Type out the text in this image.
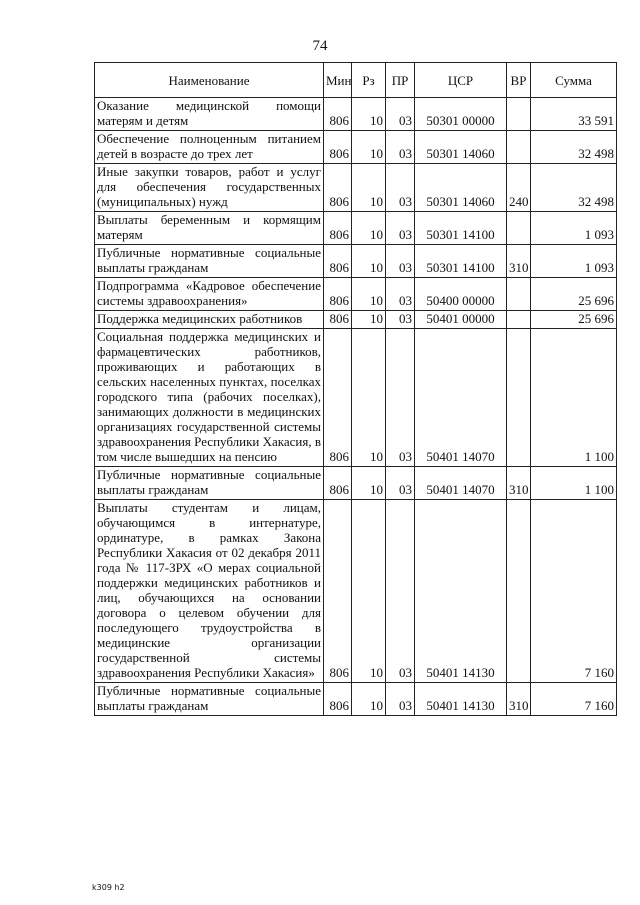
74
Наименование	Мин	Рз	ПР	ЦСР	ВР	Сумма
Оказание медицинской помощи матерям и детям	806	10	03	50301 00000		33 591
Обеспечение полноценным питанием детей в возрасте до трех лет	806	10	03	50301 14060		32 498
Иные закупки товаров, работ и услуг для обеспечения государственных (муниципальных) нужд	806	10	03	50301 14060	240	32 498
Выплаты беременным и кормящим матерям	806	10	03	50301 14100		1 093
Публичные нормативные социальные выплаты гражданам	806	10	03	50301 14100	310	1 093
Подпрограмма «Кадровое обеспечение системы здравоохранения»	806	10	03	50400 00000		25 696
Поддержка медицинских работников	806	10	03	50401 00000		25 696
Социальная поддержка медицинских и фармацевтических работников, проживающих и работающих в сельских населенных пунктах, поселках городского типа (рабочих поселках), занимающих должности в медицинских организациях государственной системы здравоохранения Республики Хакасия, в том числе вышедших на пенсию	806	10	03	50401 14070		1 100
Публичные нормативные социальные выплаты гражданам	806	10	03	50401 14070	310	1 100
Выплаты студентам и лицам, обучающимся в интернатуре, ординатуре, в рамках Закона Республики Хакасия от 02 декабря 2011 года № 117-ЗРХ «О мерах социальной поддержки медицинских работников и лиц, обучающихся на основании договора о целевом обучении для последующего трудоустройства в медицинские организации государственной системы здравоохранения Республики Хакасия»	806	10	03	50401 14130		7 160
Публичные нормативные социальные выплаты гражданам	806	10	03	50401 14130	310	7 160
k309 h2
